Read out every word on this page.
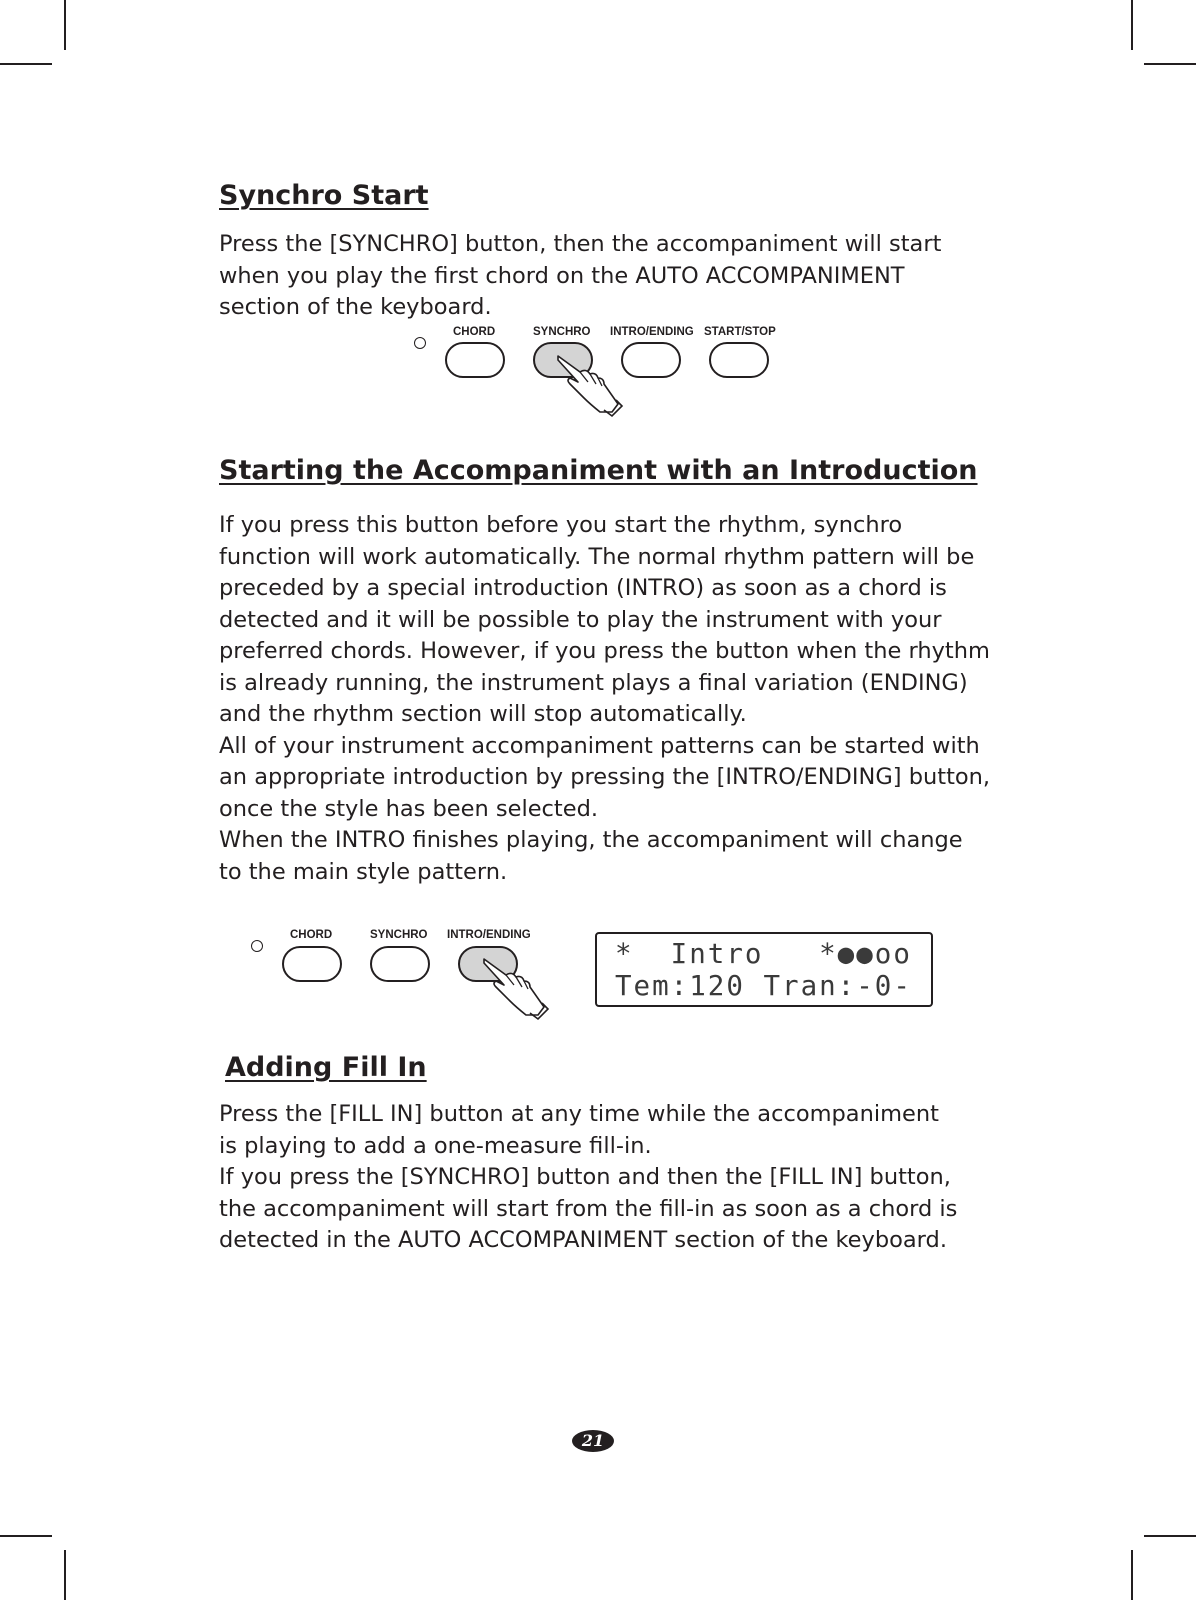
Synchro Start
Press the [SYNCHRO] button, then the accompaniment will start
when you play the first chord on the AUTO ACCOMPANIMENT
section of the keyboard.
CHORD	SYNCHRO INTRO/ENDING START/STOP
Starting the Accompaniment with an Introduction
If you press this button before you start the rhythm, synchro
function will work automatically. The normal rhythm pattern will be
preceded by a special introduction (INTRO) as soon as a chord is
detected and it will be possible to play the instrument with your
preferred chords. However, if you press the button when the rhythm
is already running, the instrument plays a final variation (ENDING)
and the rhythm section will stop automatically.
All of your instrument accompaniment patterns can be started with
an appropriate introduction by pressing the [INTRO/ENDING] button,
once the style has been selected.
When the INTRO finishes playing, the accompaniment will change
to the main style pattern.
CHORD	SYNCHRO INTRO/ENDING

*  Intro   *●●oo

Tem:120 Tran:-0-

Adding Fill In
Press the [FILL IN] button at any time while the accompaniment
is playing to add a one-measure fill-in.
If you press the [SYNCHRO] button and then the [FILL IN] button,
the accompaniment will start from the fill-in as soon as a chord is
detected in the AUTO ACCOMPANIMENT section of the keyboard.
21
